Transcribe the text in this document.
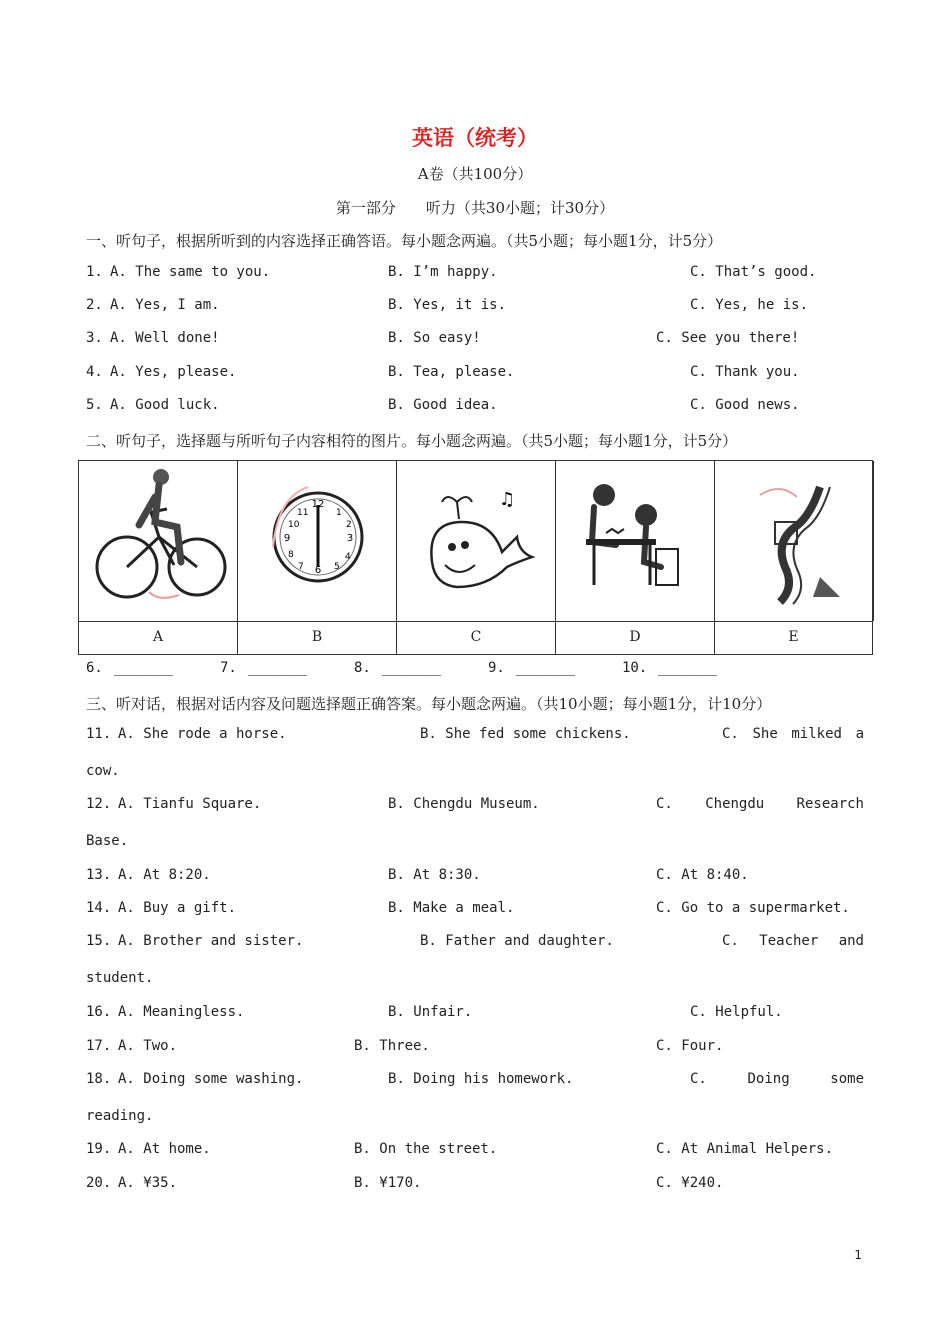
英语（统考）
A卷（共100分）
第一部分　　听力（共30小题；计30分）
一、听句子，根据所听到的内容选择正确答语。每小题念两遍。（共5小题；每小题1分，计5分）
1. A. The same to you.	B. I’m happy.	C. That’s good.
2. A. Yes, I am.	B. Yes, it is.	C. Yes, he is.
3. A. Well done!	B. So easy!	C. See you there!
4. A. Yes, please.	B. Tea, please.	C. Thank you.
5. A. Good luck.	B. Good idea.	C. Good news.
二、听句子，选择题与所听句子内容相符的图片。每小题念两遍。（共5小题；每小题1分，计5分）
12
3
6
9
1
2
4
5
7
8
10
11
♫
A	B	C	D	E
6. _______	7. _______	8. _______	9. _______	10. _______
三、听对话，根据对话内容及问题选择题正确答案。每小题念两遍。（共10小题；每小题1分，计10分）
11. A. She rode a horse.	B. She fed some chickens.	C. She milked a
cow.
12. A. Tianfu Square.	B. Chengdu Museum.	C. Chengdu Research
Base.
13. A. At 8:20.	B. At 8:30.	C. At 8:40.
14. A. Buy a gift.	B. Make a meal.	C. Go to a supermarket.
15. A. Brother and sister.	B. Father and daughter.	C. Teacher and
student.
16. A. Meaningless.	B. Unfair.	C. Helpful.
17. A. Two.	B. Three.	C. Four.
18. A. Doing some washing.	B. Doing his homework.	C. Doing some
reading.
19. A. At home.	B. On the street.	C. At Animal Helpers.
20. A. ¥35.	B. ¥170.	C. ¥240.
1
